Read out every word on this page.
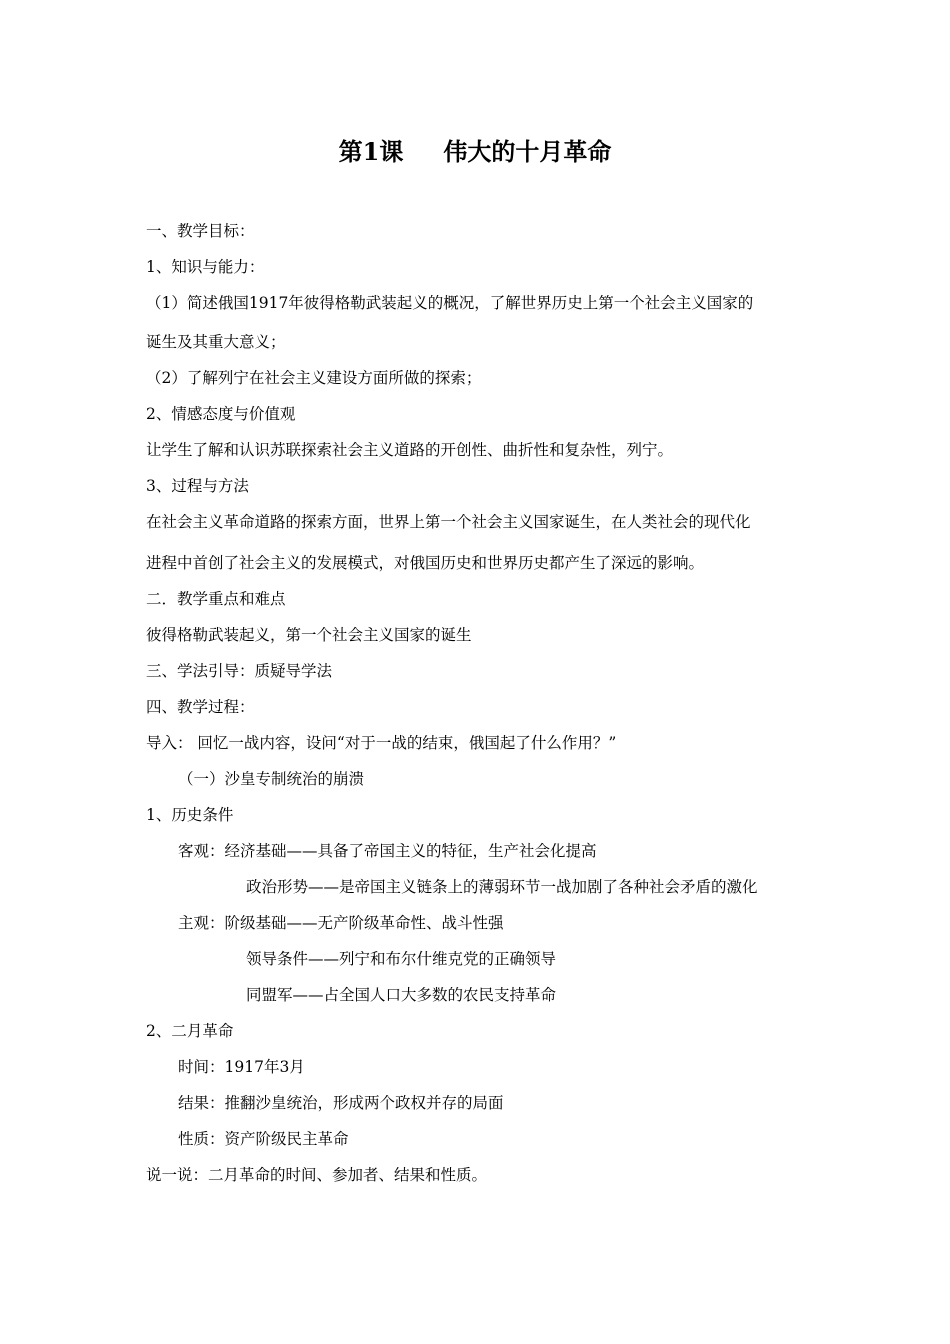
第1课 伟大的十月革命
一、教学目标：
1、知识与能力：
（1）简述俄国1917年彼得格勒武装起义的概况，了解世界历史上第一个社会主义国家的
诞生及其重大意义；
（2）了解列宁在社会主义建设方面所做的探索；
2、情感态度与价值观
让学生了解和认识苏联探索社会主义道路的开创性、曲折性和复杂性，列宁。
3、过程与方法
在社会主义革命道路的探索方面，世界上第一个社会主义国家诞生，在人类社会的现代化
进程中首创了社会主义的发展模式，对俄国历史和世界历史都产生了深远的影响。
二．教学重点和难点
彼得格勒武装起义，第一个社会主义国家的诞生
三、学法引导：质疑导学法
四、教学过程：
导入： 回忆一战内容，设问“对于一战的结束，俄国起了什么作用？”
（一）沙皇专制统治的崩溃
1、历史条件
客观：经济基础——具备了帝国主义的特征，生产社会化提高
政治形势——是帝国主义链条上的薄弱环节一战加剧了各种社会矛盾的激化
主观：阶级基础——无产阶级革命性、战斗性强
领导条件——列宁和布尔什维克党的正确领导
同盟军——占全国人口大多数的农民支持革命
2、二月革命
时间：1917年3月
结果：推翻沙皇统治，形成两个政权并存的局面
性质：资产阶级民主革命
说一说：二月革命的时间、参加者、结果和性质。
